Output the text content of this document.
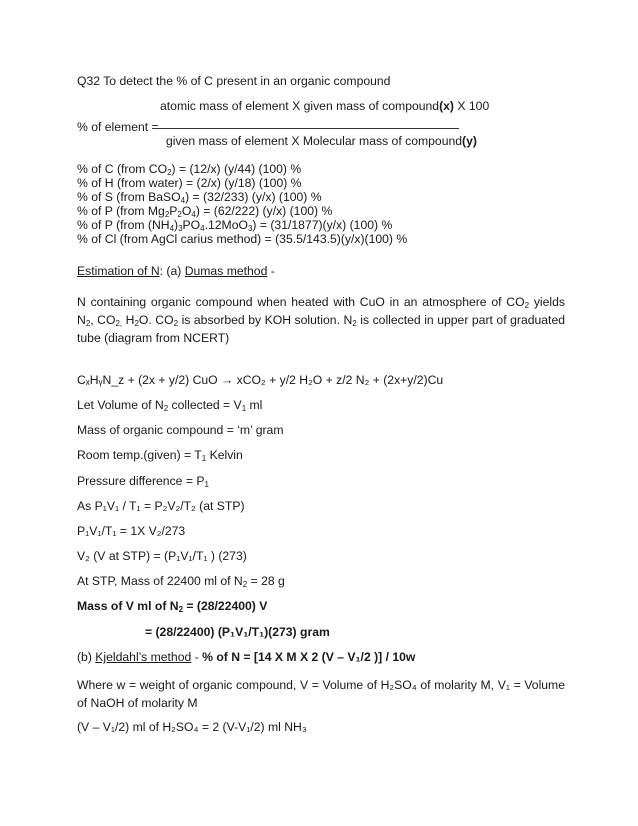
Q32 To detect the % of C present in an organic compound
atomic mass of element X given mass of compound(x) X 100
% of element =
given mass of element X Molecular mass of compound(y)
% of C (from $CO_2) = (12/x)$ (y/44) (100) %
% of H (from water) = (2/x) (y/18) (100) %
% of S (from BaSO$_4$) = (32/233) (y/x) (100) %
% of P (from $Mg_2P_2O_4) = (62/222)$ (y/x) (100) %
% of P (from $(NH_4)_3PO_4.12MoO_3) = (31/1877)(y/x)$ (100) %
% of Cl (from AgCl carius method) = (35.5/143.5)(y/x)(100) %
Estimation of N: (a) Dumas method -
N containing organic compound when heated with CuO in an atmosphere of $CO_2$ yields $N_2$, $CO_{2,}$ $H_2O$. $CO_2$ is absorbed by KOH solution. $N_2$ is collected in upper part of graduated tube (diagram from NCERT)
CₓHᵧN_z + (2x + y/2) CuO → xCO₂ + y/2 H₂O + z/2 N₂ + (2x+y/2)Cu
Let Volume of $N_2$ collected = $V_1$ ml
Mass of organic compound = ‘m’ gram
Room temp.(given) = $T_1$ Kelvin
Pressure difference = $P_1$
As P₁V₁ / T₁ = P₂V₂/T₂ (at STP)
P₁V₁/T₁ = 1X V₂/273
V₂ (V at STP) = (P₁V₁/T₁ ) (273)
At STP, Mass of 22400 ml of $N_2 = 28$ g
Mass of V ml of $N_2 = (28/22400)$ V
= (28/22400) (P₁V₁/T₁)(273) gram
(b) Kjeldahl’s method - % of N = [14 X M X 2 (V – V₁/2 )] / 10w
Where w = weight of organic compound, V = Volume of H₂SO₄ of molarity M, V₁ = Volume of NaOH of molarity M
(V – V₁/2) ml of H₂SO₄ = 2 (V-V₁/2) ml NH₃
